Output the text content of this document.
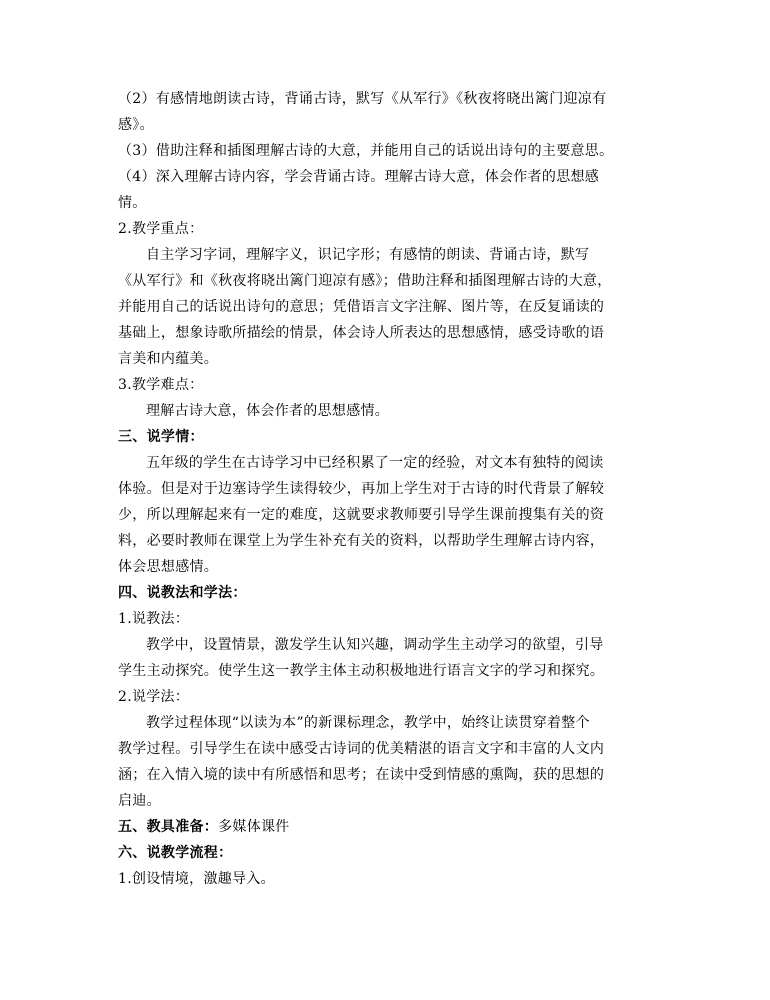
（2）有感情地朗读古诗，背诵古诗，默写《从军行》《秋夜将晓出篱门迎凉有
感》。
（3）借助注释和插图理解古诗的大意，并能用自己的话说出诗句的主要意思。
（4）深入理解古诗内容，学会背诵古诗。理解古诗大意，体会作者的思想感
情。
2.教学重点：
自主学习字词，理解字义，识记字形；有感情的朗读、背诵古诗，默写
《从军行》和《秋夜将晓出篱门迎凉有感》；借助注释和插图理解古诗的大意，
并能用自己的话说出诗句的意思；凭借语言文字注解、图片等，在反复诵读的
基础上，想象诗歌所描绘的情景，体会诗人所表达的思想感情，感受诗歌的语
言美和内蕴美。
3.教学难点：
理解古诗大意，体会作者的思想感情。
三、说学情：
五年级的学生在古诗学习中已经积累了一定的经验，对文本有独特的阅读
体验。但是对于边塞诗学生读得较少，再加上学生对于古诗的时代背景了解较
少，所以理解起来有一定的难度，这就要求教师要引导学生课前搜集有关的资
料，必要时教师在课堂上为学生补充有关的资料，以帮助学生理解古诗内容，
体会思想感情。
四、说教法和学法：
1.说教法：
教学中，设置情景，激发学生认知兴趣，调动学生主动学习的欲望，引导
学生主动探究。使学生这一教学主体主动积极地进行语言文字的学习和探究。
2.说学法：
教学过程体现“以读为本”的新课标理念，教学中，始终让读贯穿着整个
教学过程。引导学生在读中感受古诗词的优美精湛的语言文字和丰富的人文内
涵；在入情入境的读中有所感悟和思考；在读中受到情感的熏陶，获的思想的
启迪。
五、教具准备：多媒体课件
六、说教学流程：
1.创设情境，激趣导入。
